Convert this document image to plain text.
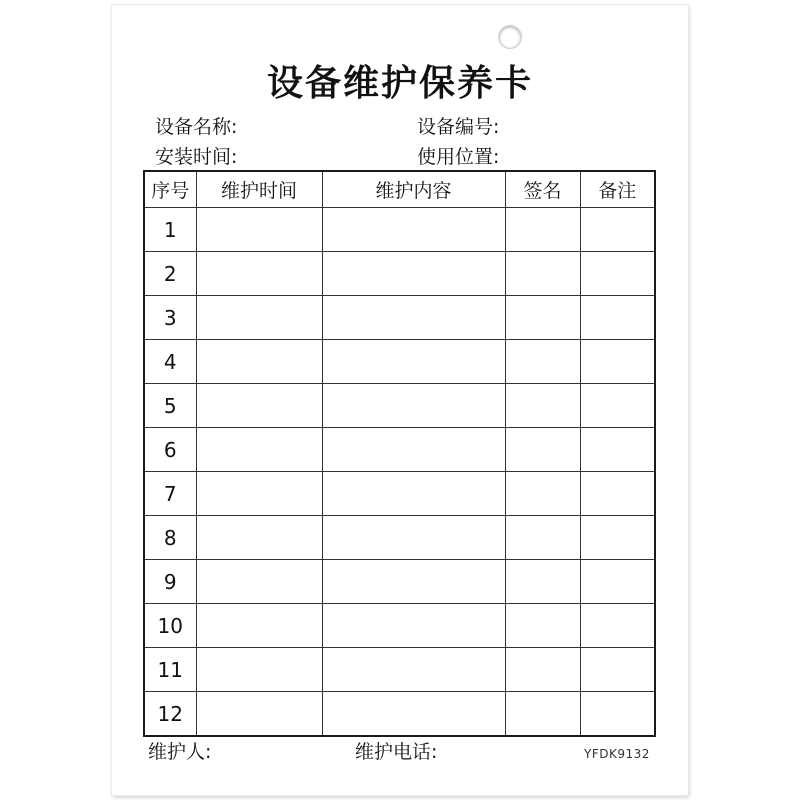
设备维护保养卡
设备名称:	设备编号:
安装时间:	使用位置:
序号	维护时间	维护内容	签名	备注
1				
2				
3				
4				
5				
6				
7				
8				
9				
10				
11				
12				
维护人:	维护电话:	YFDK9132
